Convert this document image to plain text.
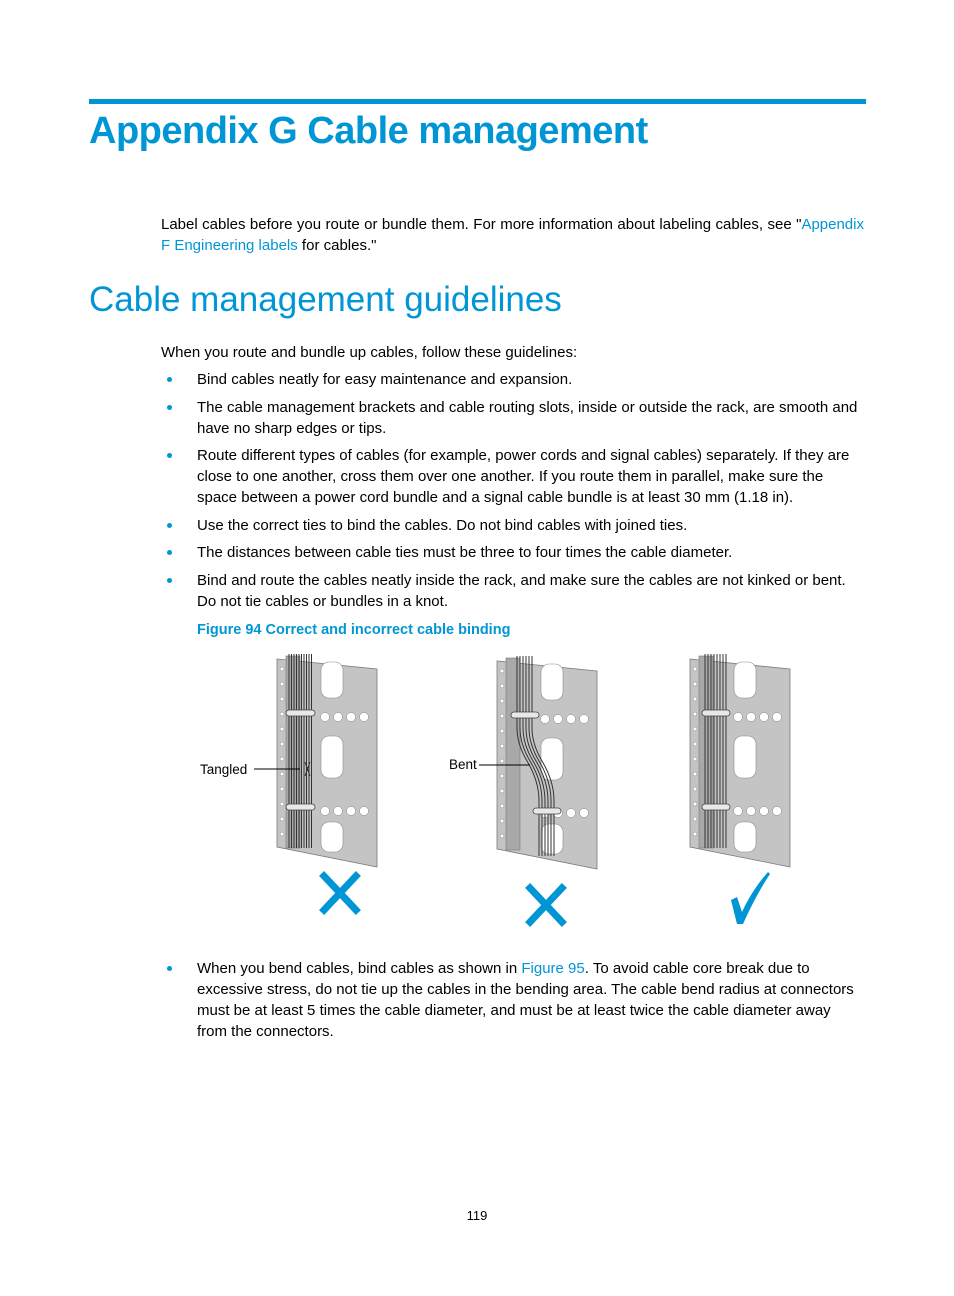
Appendix G Cable management

Label cables before you route or bundle them. For more information about labeling cables, see "Appendix F Engineering labels for cables."

Cable management guidelines

When you route and bundle up cables, follow these guidelines:

Bind cables neatly for easy maintenance and expansion.
The cable management brackets and cable routing slots, inside or outside the rack, are smooth and have no sharp edges or tips.
Route different types of cables (for example, power cords and signal cables) separately. If they are close to one another, cross them over one another. If you route them in parallel, make sure the space between a power cord bundle and a signal cable bundle is at least 30 mm (1.18 in).
Use the correct ties to bind the cables. Do not bind cables with joined ties.
The distances between cable ties must be three to four times the cable diameter.
Bind and route the cables neatly inside the rack, and make sure the cables are not kinked or bent. Do not tie cables or bundles in a knot.

Figure 94 Correct and incorrect cable binding

Tangled	Bent
When you bend cables, bind cables as shown in Figure 95. To avoid cable core break due to excessive stress, do not tie up the cables in the bending area. The cable bend radius at connectors must be at least 5 times the cable diameter, and must be at least twice the cable diameter away from the connectors.
119
